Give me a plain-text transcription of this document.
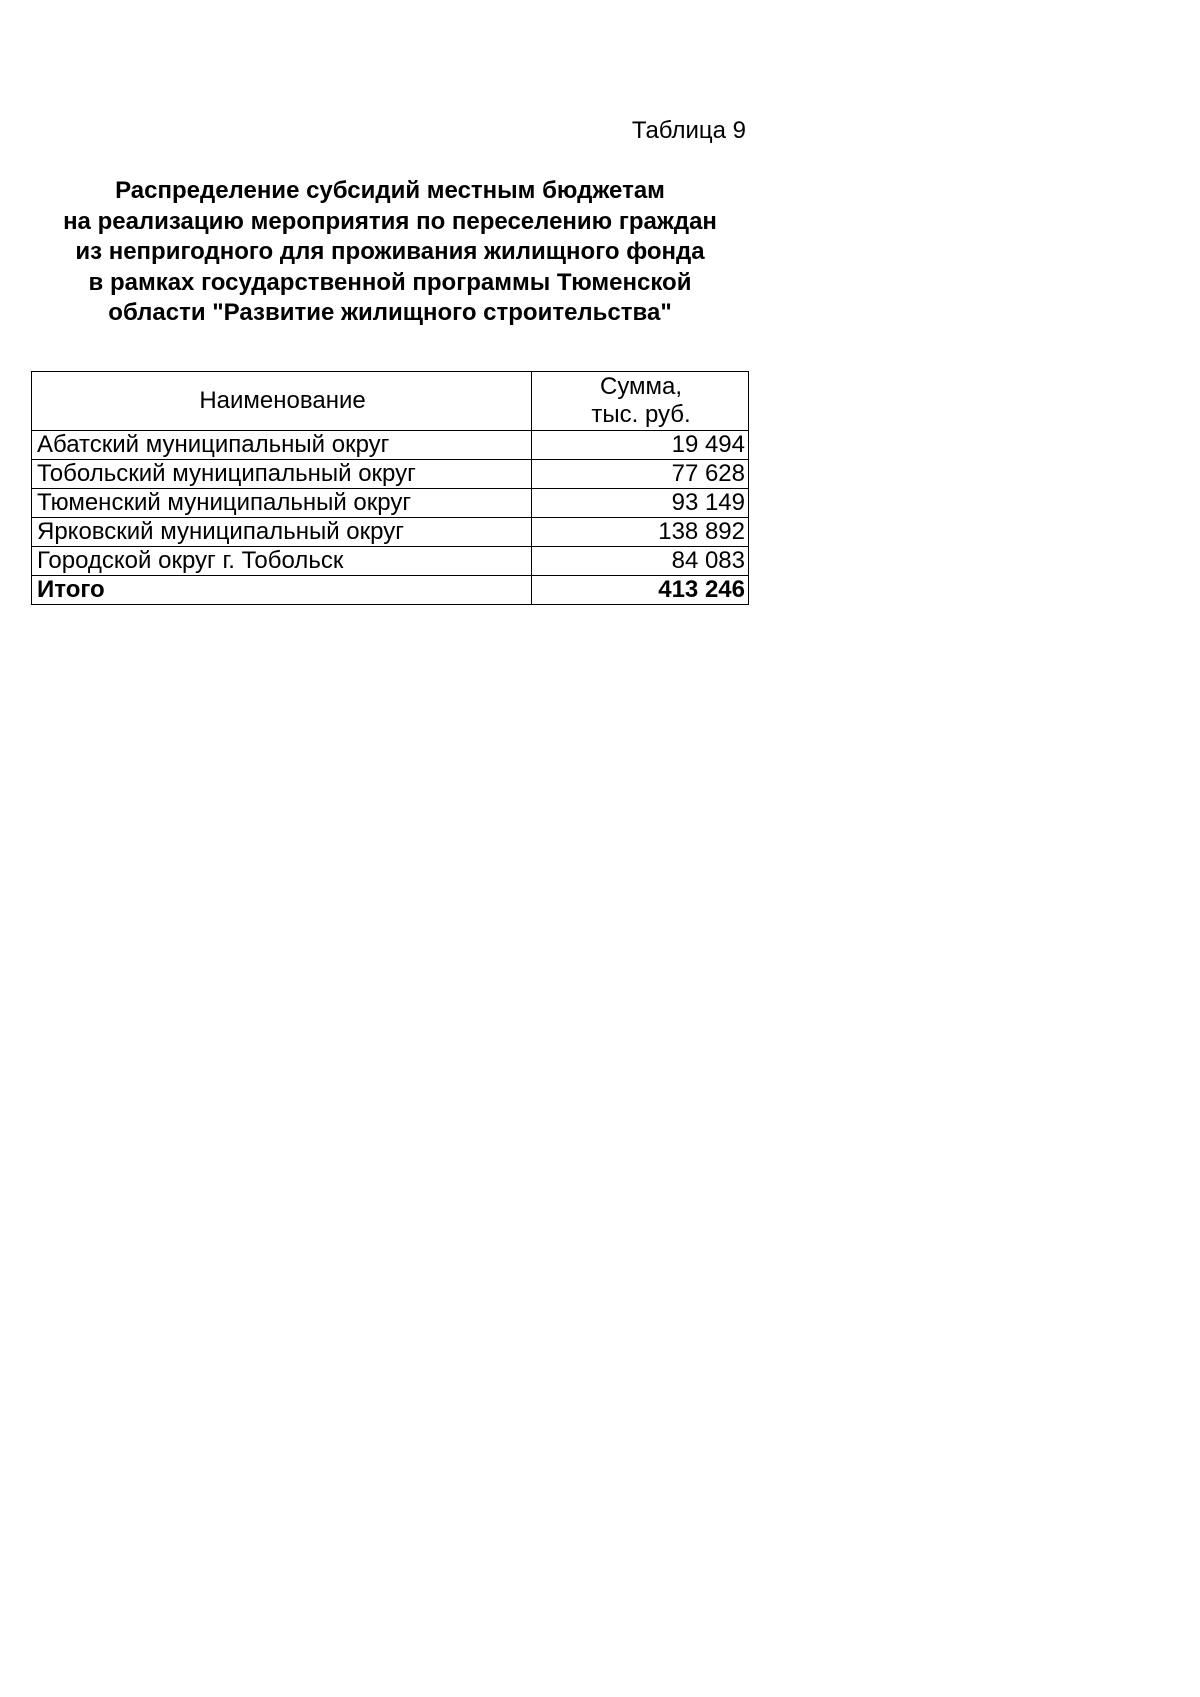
Таблица 9
Распределение субсидий местным бюджетам
на реализацию мероприятия по переселению граждан
из непригодного для проживания жилищного фонда
в рамках государственной программы Тюменской
области "Развитие жилищного строительства"
Наименование	Сумма,
тыс. руб.

Абатский муниципальный округ	19 494
Тобольский муниципальный округ	77 628
Тюменский муниципальный округ	93 149
Ярковский муниципальный округ	138 892
Городской округ г. Тобольск	84 083
Итого	413 246
